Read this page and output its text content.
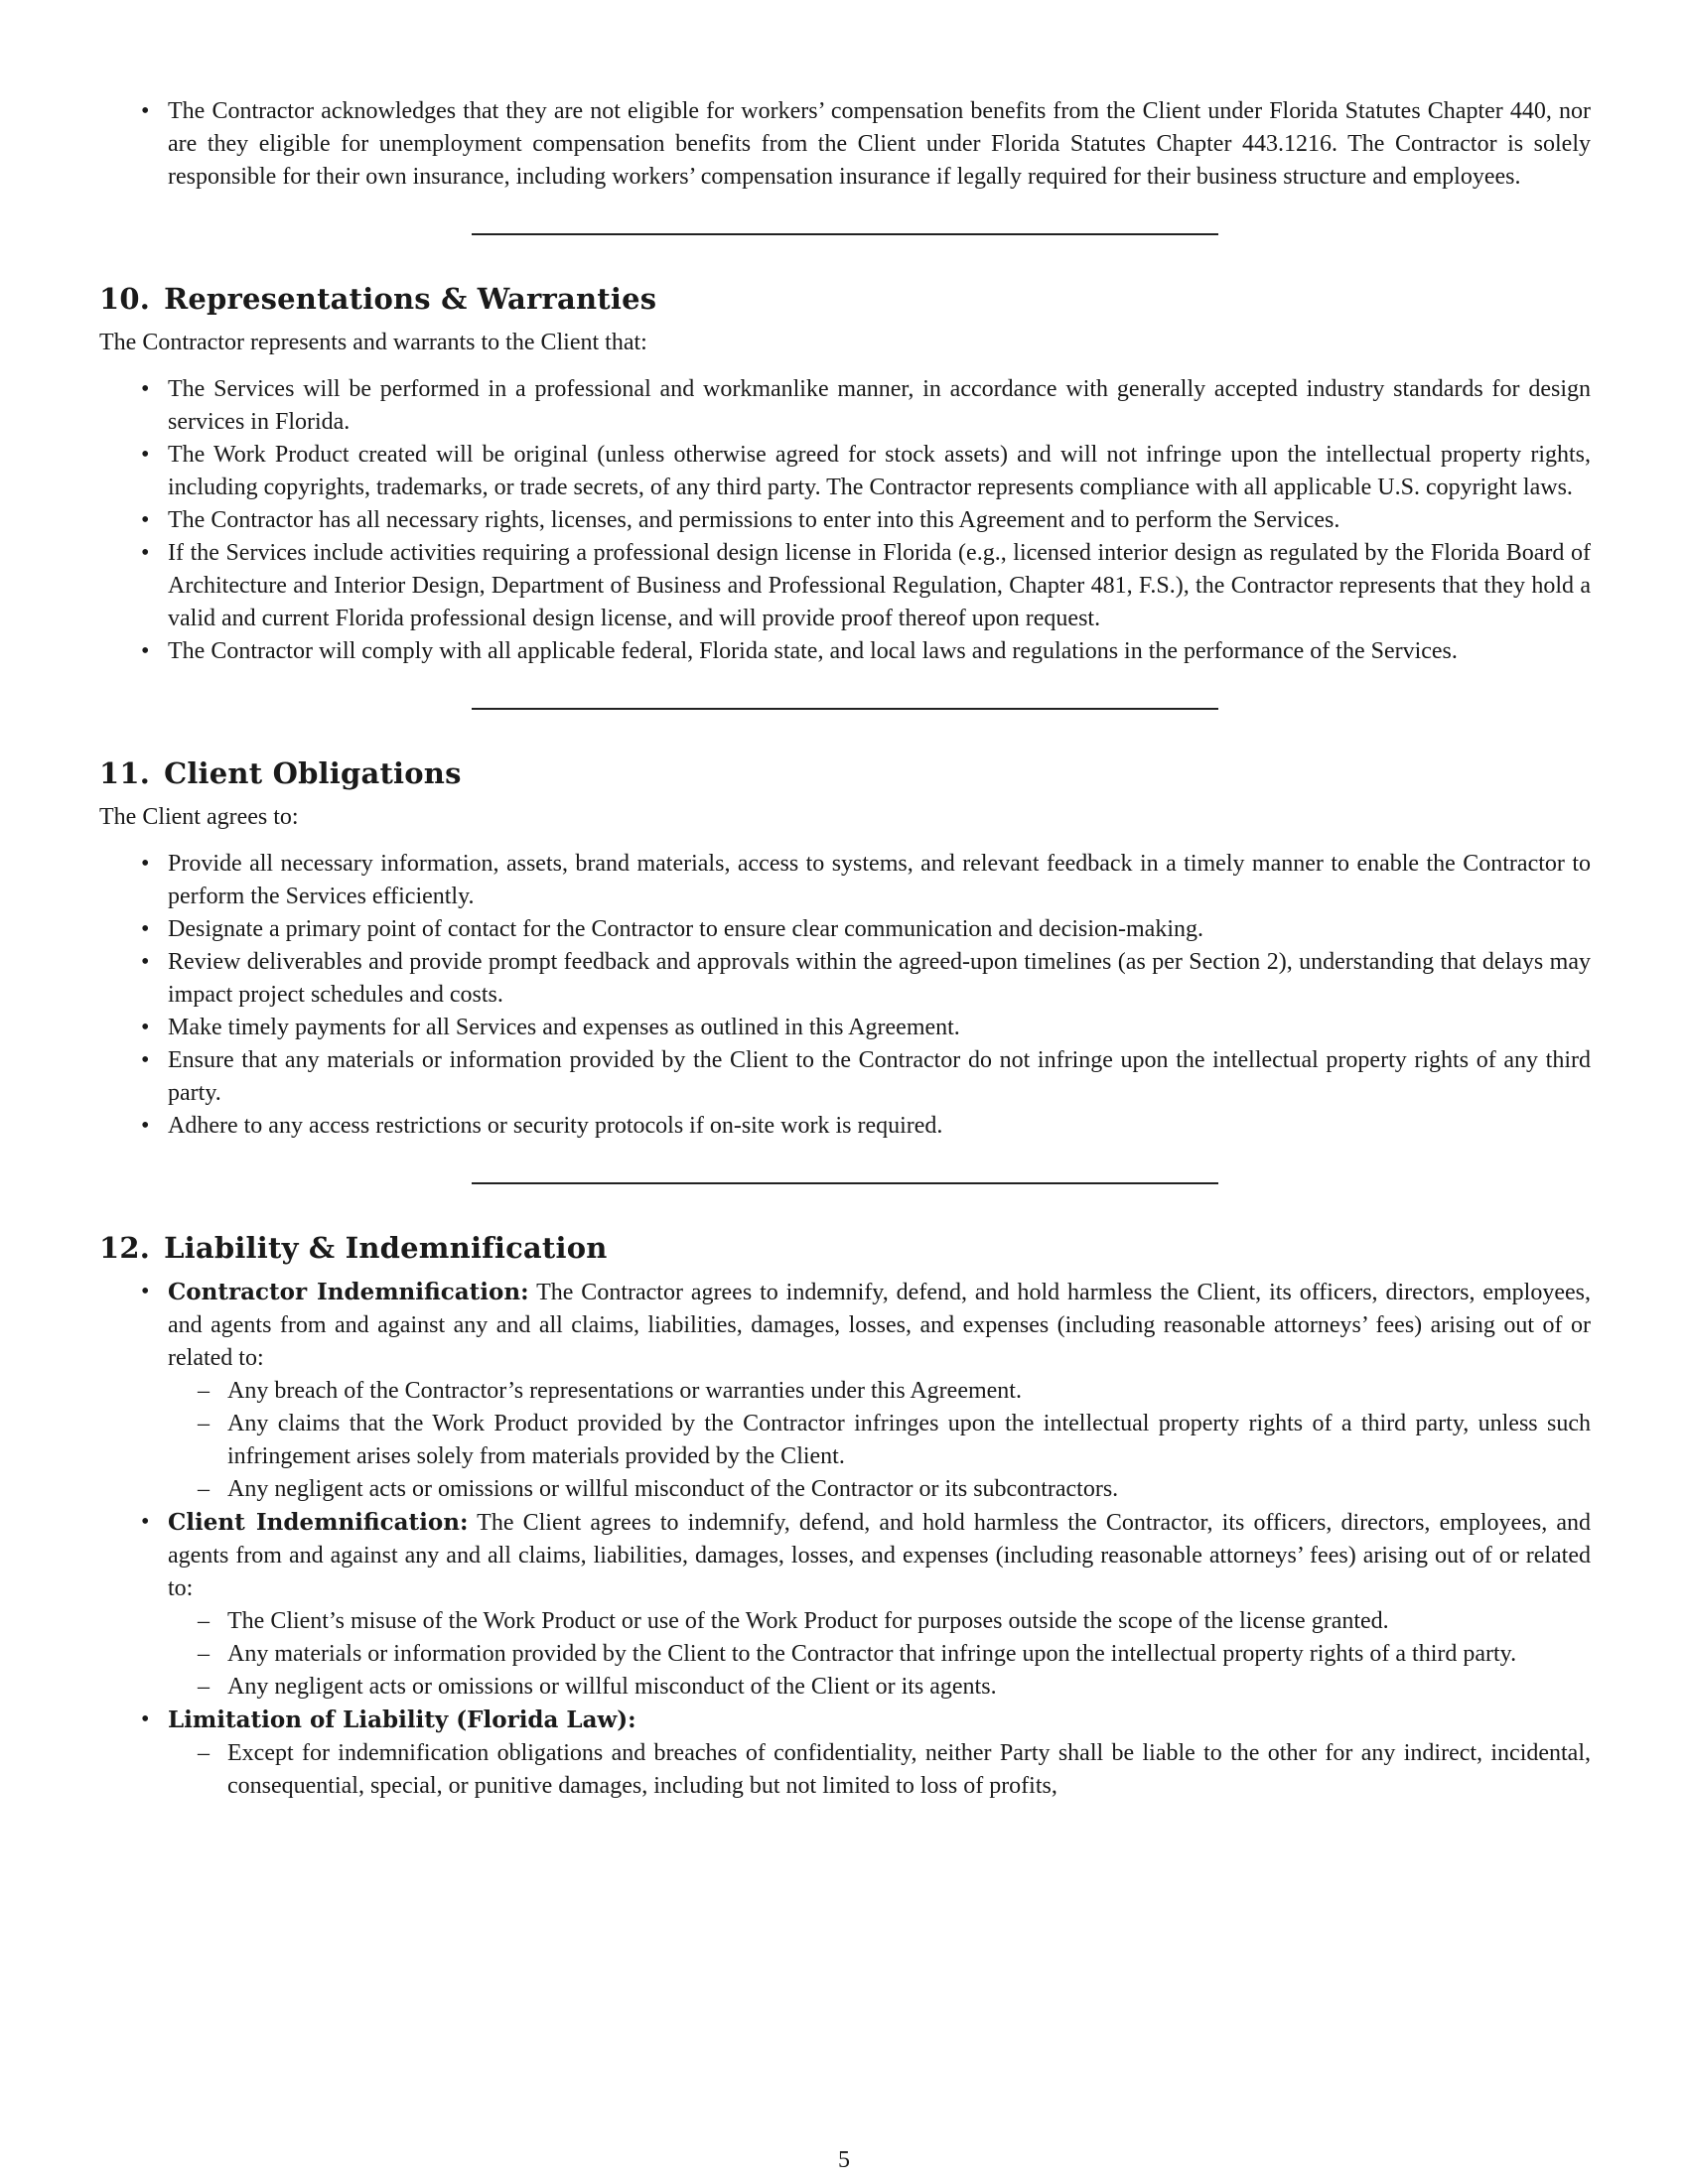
• The Contractor acknowledges that they are not eligible for workers’ compensation benefits from the Client under Florida Statutes Chapter 440, nor are they eligible for unemployment compensation benefits from the Client under Florida Statutes Chapter 443.1216. The Contractor is solely responsible for their own insurance, including workers’ compensation insurance if legally required for their business structure and employees.
10. Representations & Warranties

The Contractor represents and warrants to the Client that:

• The Services will be performed in a professional and workmanlike manner, in accordance with generally accepted industry standards for design services in Florida.
• The Work Product created will be original (unless otherwise agreed for stock assets) and will not infringe upon the intellectual property rights, including copyrights, trademarks, or trade secrets, of any third party. The Contractor represents compliance with all applicable U.S. copyright laws.
• The Contractor has all necessary rights, licenses, and permissions to enter into this Agreement and to perform the Services.
• If the Services include activities requiring a professional design license in Florida (e.g., licensed interior design as regulated by the Florida Board of Architecture and Interior Design, Department of Business and Professional Regulation, Chapter 481, F.S.), the Contractor represents that they hold a valid and current Florida professional design license, and will provide proof thereof upon request.
• The Contractor will comply with all applicable federal, Florida state, and local laws and regulations in the performance of the Services.
11. Client Obligations

The Client agrees to:

• Provide all necessary information, assets, brand materials, access to systems, and relevant feedback in a timely manner to enable the Contractor to perform the Services efficiently.
• Designate a primary point of contact for the Contractor to ensure clear communication and decision-making.
• Review deliverables and provide prompt feedback and approvals within the agreed-upon timelines (as per Section 2), understanding that delays may impact project schedules and costs.
• Make timely payments for all Services and expenses as outlined in this Agreement.
• Ensure that any materials or information provided by the Client to the Contractor do not infringe upon the intellectual property rights of any third party.
• Adhere to any access restrictions or security protocols if on-site work is required.
12. Liability & Indemnification
• Contractor Indemnification: The Contractor agrees to indemnify, defend, and hold harmless the Client, its officers, directors, employees, and agents from and against any and all claims, liabilities, damages, losses, and expenses (including reasonable attorneys’ fees) arising out of or related to:
– Any breach of the Contractor’s representations or warranties under this Agreement.
– Any claims that the Work Product provided by the Contractor infringes upon the intellectual property rights of a third party, unless such infringement arises solely from materials provided by the Client.
– Any negligent acts or omissions or willful misconduct of the Contractor or its subcontractors.
• Client Indemnification: The Client agrees to indemnify, defend, and hold harmless the Contractor, its officers, directors, employees, and agents from and against any and all claims, liabilities, damages, losses, and expenses (including reasonable attorneys’ fees) arising out of or related to:
– The Client’s misuse of the Work Product or use of the Work Product for purposes outside the scope of the license granted.
– Any materials or information provided by the Client to the Contractor that infringe upon the intellectual property rights of a third party.
– Any negligent acts or omissions or willful misconduct of the Client or its agents.
• Limitation of Liability (Florida Law):
– Except for indemnification obligations and breaches of confidentiality, neither Party shall be liable to the other for any indirect, incidental, consequential, special, or punitive damages, including but not limited to loss of profits,
5
